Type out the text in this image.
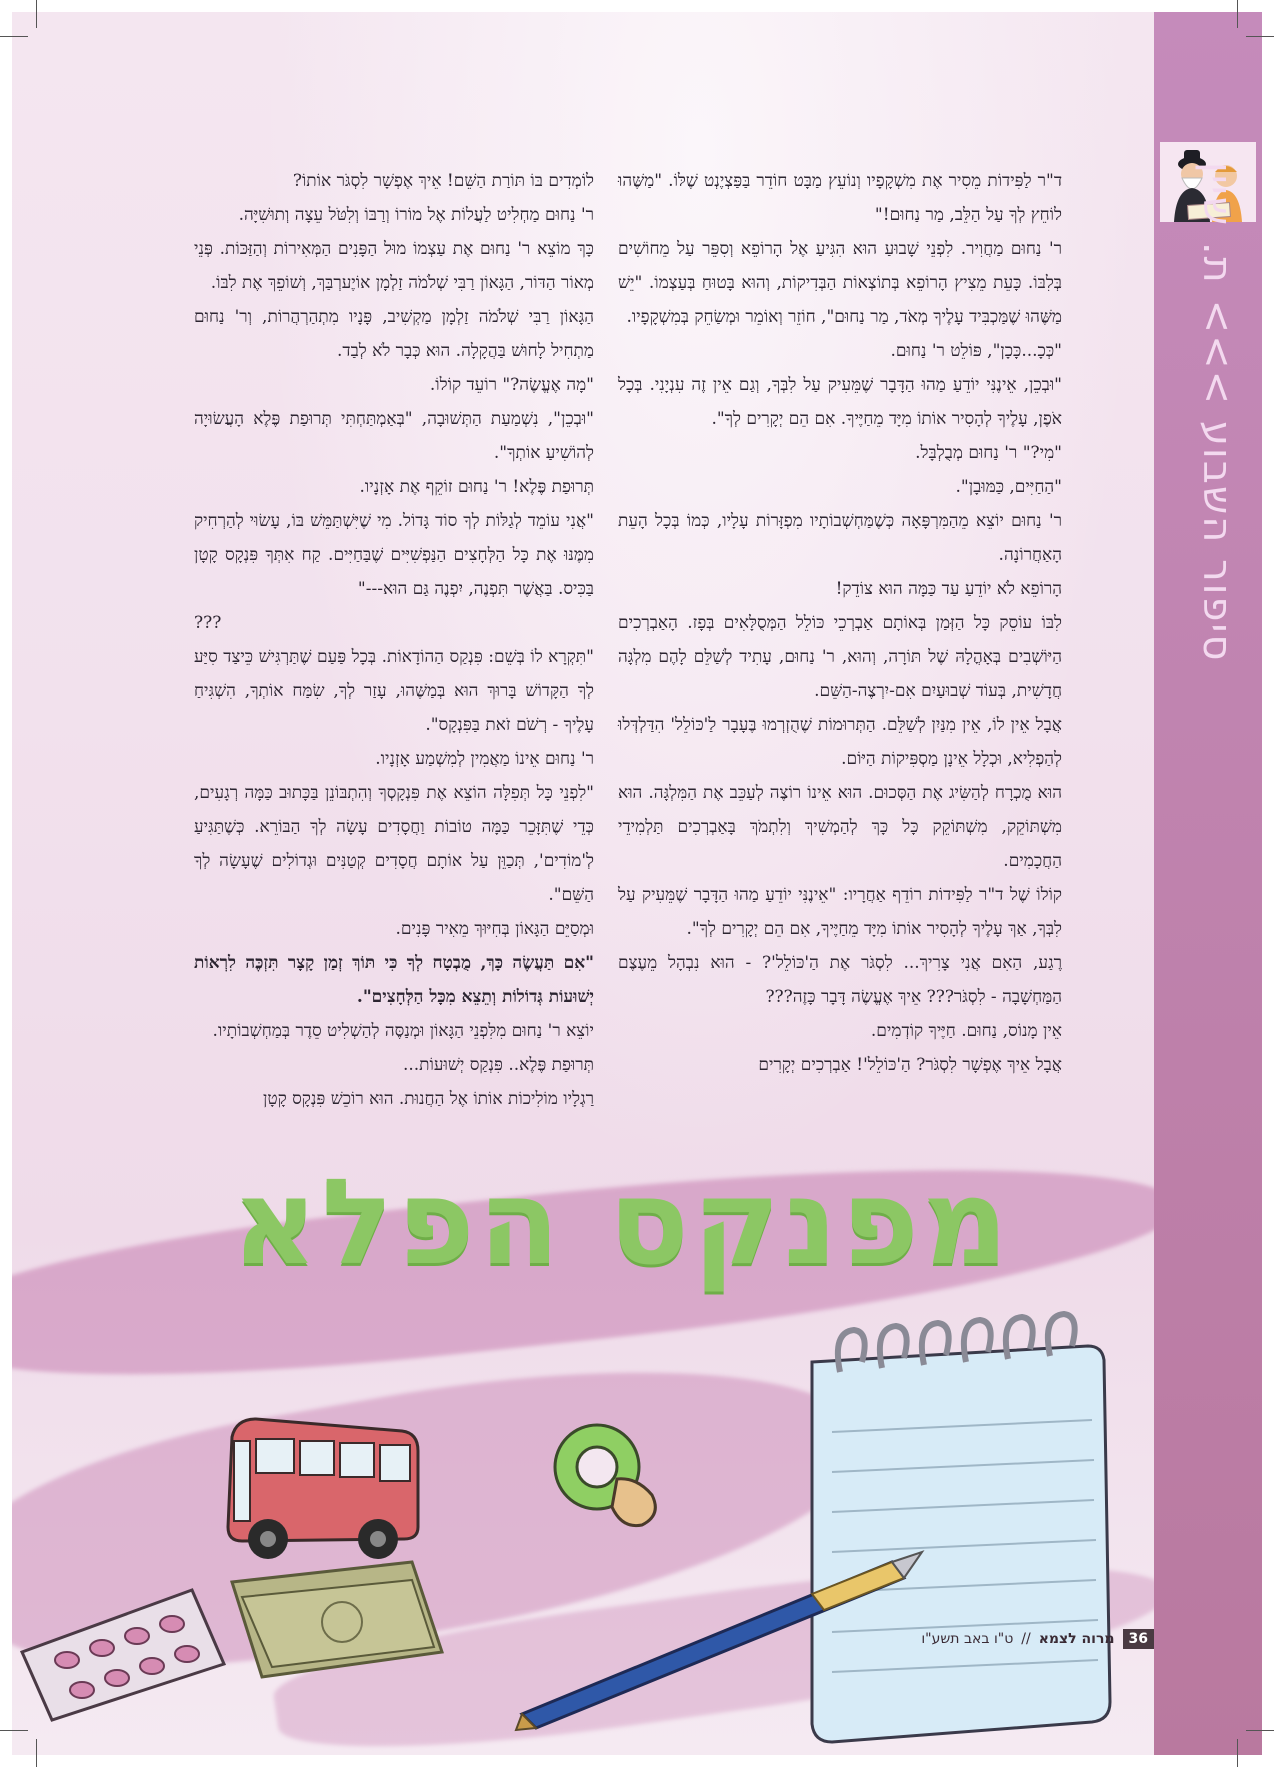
סיפור השבוע >>> ת. שיין

ד"ר לַפִּידוֹת מֵסִיר אֶת מִשְׁקָפָיו וְנוֹעֵץ מַבָּט חוֹדֵר בַּפַּצְיֶנְט שֶׁלּוֹ. "מַשֶּׁהוּ לוֹחֵץ לְךָ עַל הַלֵּב, מַר נַחוּם!"

ר' נַחוּם מַחֲוִיר. לִפְנֵי שָׁבוּעַ הוּא הִגִּיעַ אֶל הָרוֹפֵא וְסִפֵּר עַל מֵחוֹשִׁים בְּלִבּוֹ. כָּעֵת מֵצִיץ הָרוֹפֵא בְּתוֹצְאוֹת הַבְּדִיקוֹת, וְהוּא בָּטוּחַ בְּעַצְמוֹ. "יֵשׁ מַשֶּׁהוּ שֶׁמַּכְבִּיד עָלֶיךָ מְאֹד, מַר נַחוּם", חוֹזֵר וְאוֹמֵר וּמְשַׂחֵק בְּמִשְׁקָפָיו.

"כְּכָ...כָּכָן", פּוֹלֵט ר' נַחוּם.

"וּבְכֵן, אֵינֶנִּי יוֹדֵעַ מַהוּ הַדָּבָר שֶׁמֵּעִיק עַל לִבְּךָ, וְגַם אֵין זֶה עִנְיָנִי. בְּכָל אֹפֶן, עָלֶיךָ לְהָסִיר אוֹתוֹ מִיָּד מֵחַיֶּיךָ. אִם הֵם יְקָרִים לְךָ".

"מִי?" ר' נַחוּם מְבֻלְבָּל.

"הַחַיִּים, כַּמּוּבָן".

ר' נַחוּם יוֹצֵא מֵהַמִּרְפָּאָה כְּשֶׁמַּחְשְׁבוֹתָיו מִפְזָּרוֹת עָלָיו, כְּמוֹ בְּכָל הָעֵת הָאַחֲרוֹנָה.

הָרוֹפֵא לֹא יוֹדֵעַ עַד כַּמָּה הוּא צוֹדֵק!

לִבּוֹ עוֹסֵק כָּל הַזְּמַן בְּאוֹתָם אַבְרְכֵי כּוֹלֵל הַמְּסֻלָּאִים בְּפָז. הָאַבְרְכִים הַיּוֹשְׁבִים בְּאָהֳלָהּ שֶׁל תּוֹרָה, וְהוּא, ר' נַחוּם, עָתִיד לְשַׁלֵּם לָהֶם מִלְגָּה חֲדָשִׁית, בְּעוֹד שְׁבוּעַיִם אִם-יִרְצֶה-הַשֵּׁם.

אֲבָל אֵין לוֹ, אֵין מִנַּיִן לְשַׁלֵּם. הַתְּרוּמוֹת שֶׁהֻזְרְמוּ בֶּעָבָר לַ'כּוֹלֵל' הִדַּלְדְּלוּ לְהַפְלִיא, וּכְלָל אֵינָן מַסְפִּיקוֹת הַיּוֹם.

הוּא מֻכְרָח לְהַשִּׂיג אֶת הַסְּכוּם. הוּא אֵינוֹ רוֹצֶה לְעַכֵּב אֶת הַמִּלְגָּה. הוּא מִשְׁתּוֹקֵק, מִשְׁתּוֹקֵק כָּל כָּךְ לְהַמְשִׁיךְ וְלִתְמֹךְ בָּאַבְרְכִים תַּלְמִידֵי הַחֲכָמִים.

קוֹלוֹ שֶׁל ד"ר לַפִּידוֹת רוֹדֵף אַחֲרָיו: "אֵינֶנִּי יוֹדֵעַ מַהוּ הַדָּבָר שֶׁמֵּעִיק עַל לִבְּךָ, אַךְ עָלֶיךָ לְהָסִיר אוֹתוֹ מִיָּד מֵחַיֶּיךָ, אִם הֵם יְקָרִים לְךָ".

רֶגַע, הַאִם אֲנִי צָרִיךְ... לִסְגֹּר אֶת הַ'כּוֹלֵל'? - הוּא נִבְהָל מֵעֶצֶם הַמַּחְשָׁבָה - לִסְגֹּר??? אֵיךְ אֶעֱשֶׂה דָּבָר כָּזֶה???

אֵין מָנוֹס, נַחוּם. חַיֶּיךָ קוֹדְמִים.

אֲבָל אֵיךְ אֶפְשָׁר לִסְגֹּר? הַ'כּוֹלֵל'! אַבְרְכִים יְקָרִים

לוֹמְדִים בּוֹ תּוֹרַת הַשֵּׁם! אֵיךְ אֶפְשָׁר לִסְגֹּר אוֹתוֹ?

ר' נַחוּם מַחְלִיט לַעֲלוֹת אֶל מוֹרוֹ וְרַבּוֹ וְלִטֹּל עֵצָה וְתוּשִׁיָּה.

כָּךְ מוֹצֵא ר' נַחוּם אֶת עַצְמוֹ מוּל הַפָּנִים הַמְּאִירוֹת וְהַזַּכּוֹת. פְּנֵי מְאוֹר הַדּוֹר, הַגָּאוֹן רַבִּי שְׁלֹמֹה זַלְמָן אוֹיֶערְבַּךְ, וְשׁוֹפֵךְ אֶת לִבּוֹ.

הַגָּאוֹן רַבִּי שְׁלֹמֹה זַלְמָן מַקְשִׁיב, פָּנָיו מִתְהַרְהֲרוֹת, וְר' נַחוּם מַתְחִיל לָחוּשׁ בַּהֲקָלָה. הוּא כְּבָר לֹא לְבַד.

"מָה אֶעֱשֶׂה?" רוֹעֵד קוֹלוֹ.

"וּבְכֵן", נִשְׁמַעַת הַתְּשׁוּבָה, "בְּאַמְתַּחְתִּי תְּרוּפַת פֶּלֶא הָעֲשׂוּיָה לְהוֹשִׁיעַ אוֹתְךָ".

תְּרוּפַת פֶּלֶא! ר' נַחוּם זוֹקֵף אֶת אָזְנָיו.

"אֲנִי עוֹמֵד לְגַלּוֹת לְךָ סוֹד גָּדוֹל. מִי שֶׁיִּשְׁתַּמֵּשׁ בּוֹ, עָשׂוּי לְהַרְחִיק מִמֶּנּוּ אֶת כָּל הַלְּחָצִים הַנַּפְשִׁיִּים שֶׁבַּחַיִּים. קַח אִתְּךָ פִּנְקָס קָטָן בַּכִּיס. בַּאֲשֶׁר תִּפְנֶה, יִפְנֶה גַּם הוּא---"

???

"תִּקְרָא לוֹ בְּשֵׁם: פִּנְקַס הַהוֹדָאוֹת. בְּכָל פַּעַם שֶׁתַּרְגִּישׁ כֵּיצַד סִיַּע לְךָ הַקָּדוֹשׁ בָּרוּךְ הוּא בְּמַשֶּׁהוּ, עָזַר לְךָ, שִׂמַּח אוֹתְךָ, הִשְׁגִּיחַ עָלֶיךָ - רְשֹׁם זֹאת בַּפִּנְקָס".

ר' נַחוּם אֵינוֹ מַאֲמִין לְמִשְׁמַע אָזְנָיו.

"לִפְנֵי כָּל תְּפִלָּה הוֹצֵא אֶת פִּנְקָסְךָ וְהִתְבּוֹנֵן בַּכָּתוּב כַּמָּה רְגָעִים, כְּדֵי שֶׁתִּזָּכֵר כַּמָּה טוֹבוֹת וַחֲסָדִים עָשָׂה לְךָ הַבּוֹרֵא. כְּשֶׁתַּגִּיעַ לְ'מוֹדִים', תְּכַוֵּן עַל אוֹתָם חֲסָדִים קְטַנִּים וּגְדוֹלִים שֶׁעָשָׂה לְךָ הַשֵּׁם".

וּמְסַיֵּם הַגָּאוֹן בְּחִיּוּךְ מֵאִיר פָּנִים.

"אִם תַּעֲשֶׂה כָּךְ, מֻבְטָח לְךָ כִּי תּוֹךְ זְמַן קָצָר תִּזְכֶּה לִרְאוֹת יְשׁוּעוֹת גְּדוֹלוֹת וְתֵצֵא מִכָּל הַלְּחָצִים".

יוֹצֵא ר' נַחוּם מִלִּפְנֵי הַגָּאוֹן וּמְנַסֶּה לְהַשְׁלִיט סֵדֶר בְּמַחְשְׁבוֹתָיו.

תְּרוּפַת פֶּלֶא.. פִּנְקַס יְשׁוּעוֹת...

רַגְלָיו מוֹלִיכוֹת אוֹתוֹ אֶל הַחֲנוּת. הוּא רוֹכֵשׁ פִּנְקָס קָטָן

מפנקס הפלא
36
מרוה לצמא
//
ט"ו באב תשע"ו
